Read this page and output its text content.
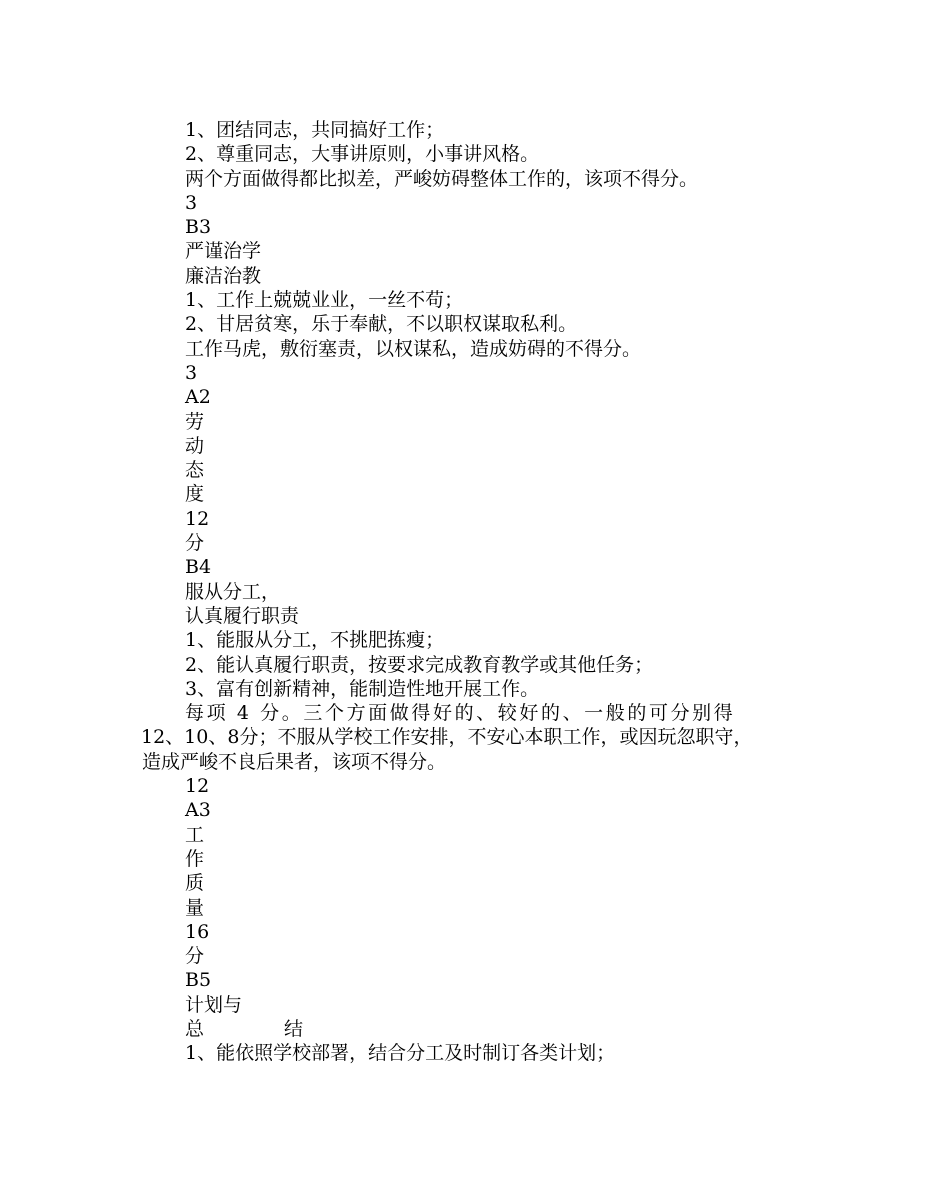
1、团结同志，共同搞好工作；
2、尊重同志，大事讲原则，小事讲风格。
两个方面做得都比拟差，严峻妨碍整体工作的，该项不得分。
3
B3
严谨治学
廉洁治教
1、工作上兢兢业业，一丝不苟；
2、甘居贫寒，乐于奉献，不以职权谋取私利。
工作马虎，敷衍塞责，以权谋私，造成妨碍的不得分。
3
A2
劳
动
态
度
12
分
B4
服从分工，
认真履行职责
1、能服从分工，不挑肥拣瘦；
2、能认真履行职责，按要求完成教育教学或其他任务；
3、富有创新精神，能制造性地开展工作。
每项 4 分。三个方面做得好的、较好的、一般的可分别得
12、10、8分；不服从学校工作安排，不安心本职工作，或因玩忽职守，
造成严峻不良后果者，该项不得分。
12
A3
工
作
质
量
16
分
B5
计划与
总	结
1、能依照学校部署，结合分工及时制订各类计划；
